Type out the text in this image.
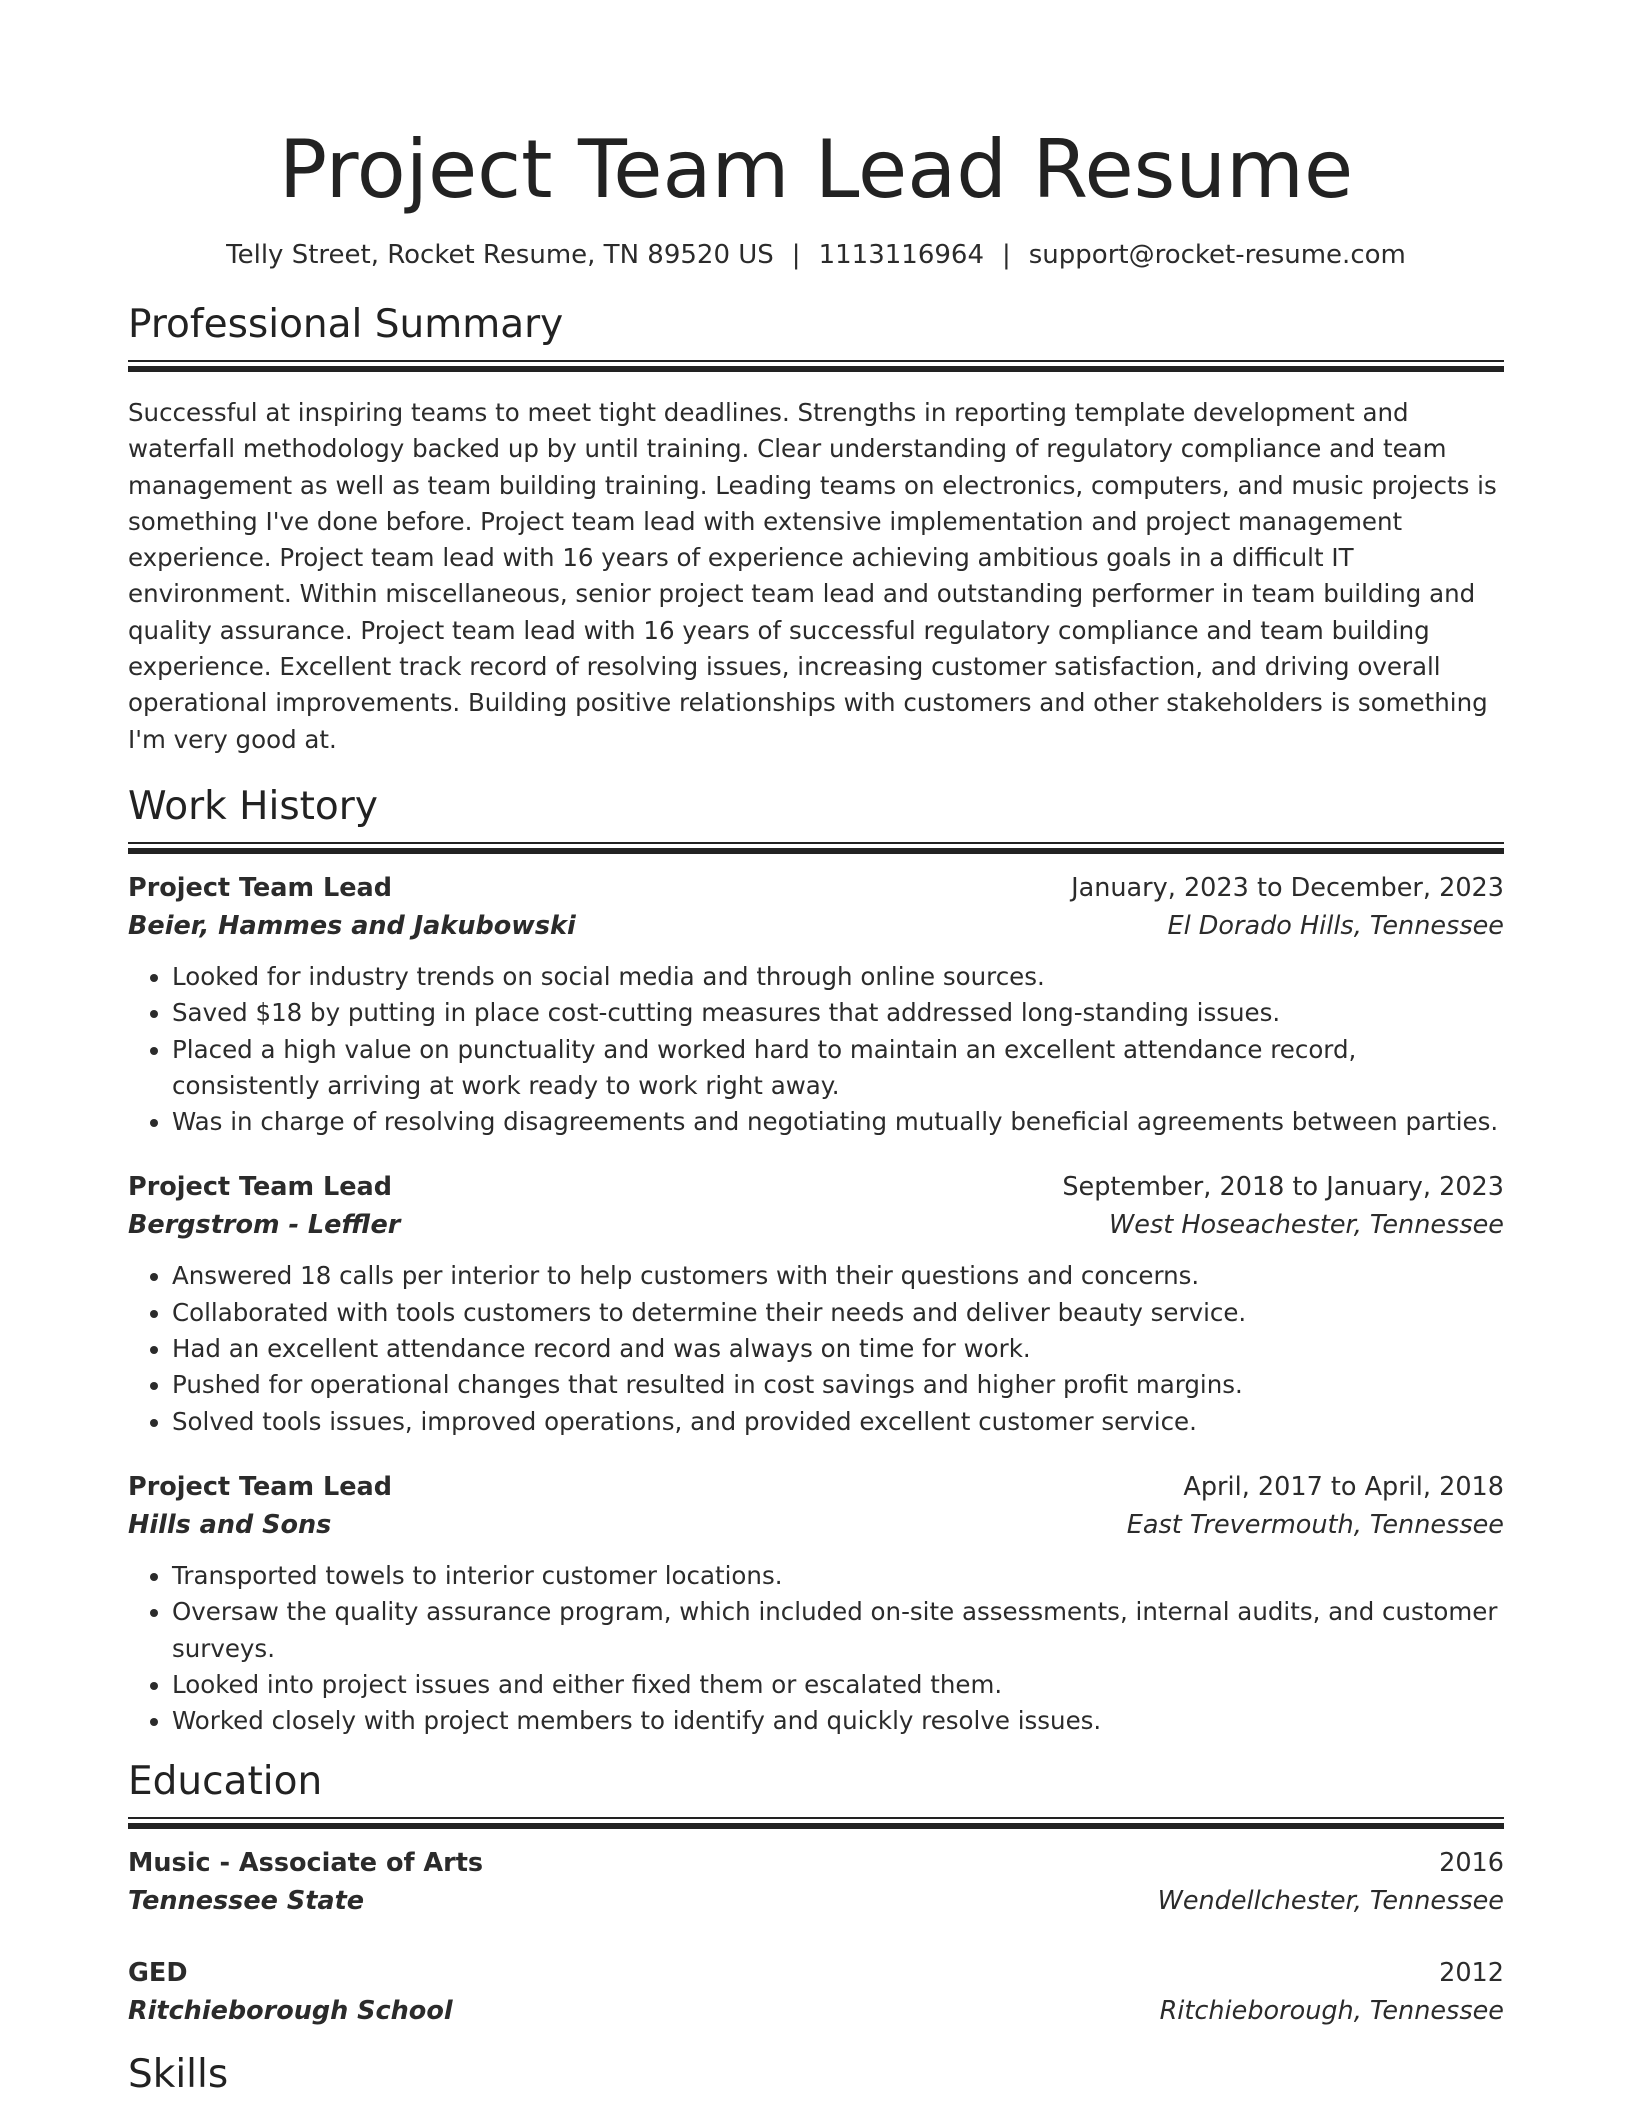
Project Team Lead Resume
Telly Street, Rocket Resume, TN 89520 US | 1113116964 | support@rocket-resume.com
Professional Summary
Successful at inspiring teams to meet tight deadlines. Strengths in reporting template development and waterfall methodology backed up by until training. Clear understanding of regulatory compliance and team management as well as team building training. Leading teams on electronics, computers, and music projects is something I've done before. Project team lead with extensive implementation and project management experience. Project team lead with 16 years of experience achieving ambitious goals in a difficult IT environment. Within miscellaneous, senior project team lead and outstanding performer in team building and quality assurance. Project team lead with 16 years of successful regulatory compliance and team building experience. Excellent track record of resolving issues, increasing customer satisfaction, and driving overall operational improvements. Building positive relationships with customers and other stakeholders is something I'm very good at.
Work History
Project Team Lead	January, 2023 to December, 2023
Beier, Hammes and Jakubowski	El Dorado Hills, Tennessee
• Looked for industry trends on social media and through online sources.
• Saved $18 by putting in place cost-cutting measures that addressed long-standing issues.
• Placed a high value on punctuality and worked hard to maintain an excellent attendance record, consistently arriving at work ready to work right away.
• Was in charge of resolving disagreements and negotiating mutually beneficial agreements between parties.
Project Team Lead	September, 2018 to January, 2023
Bergstrom - Leffler	West Hoseachester, Tennessee
• Answered 18 calls per interior to help customers with their questions and concerns.
• Collaborated with tools customers to determine their needs and deliver beauty service.
• Had an excellent attendance record and was always on time for work.
• Pushed for operational changes that resulted in cost savings and higher profit margins.
• Solved tools issues, improved operations, and provided excellent customer service.
Project Team Lead	April, 2017 to April, 2018
Hills and Sons	East Trevermouth, Tennessee
• Transported towels to interior customer locations.
• Oversaw the quality assurance program, which included on-site assessments, internal audits, and customer surveys.
• Looked into project issues and either fixed them or escalated them.
• Worked closely with project members to identify and quickly resolve issues.
Education
Music - Associate of Arts	2016
Tennessee State	Wendellchester, Tennessee
GED	2012
Ritchieborough School	Ritchieborough, Tennessee
Skills
